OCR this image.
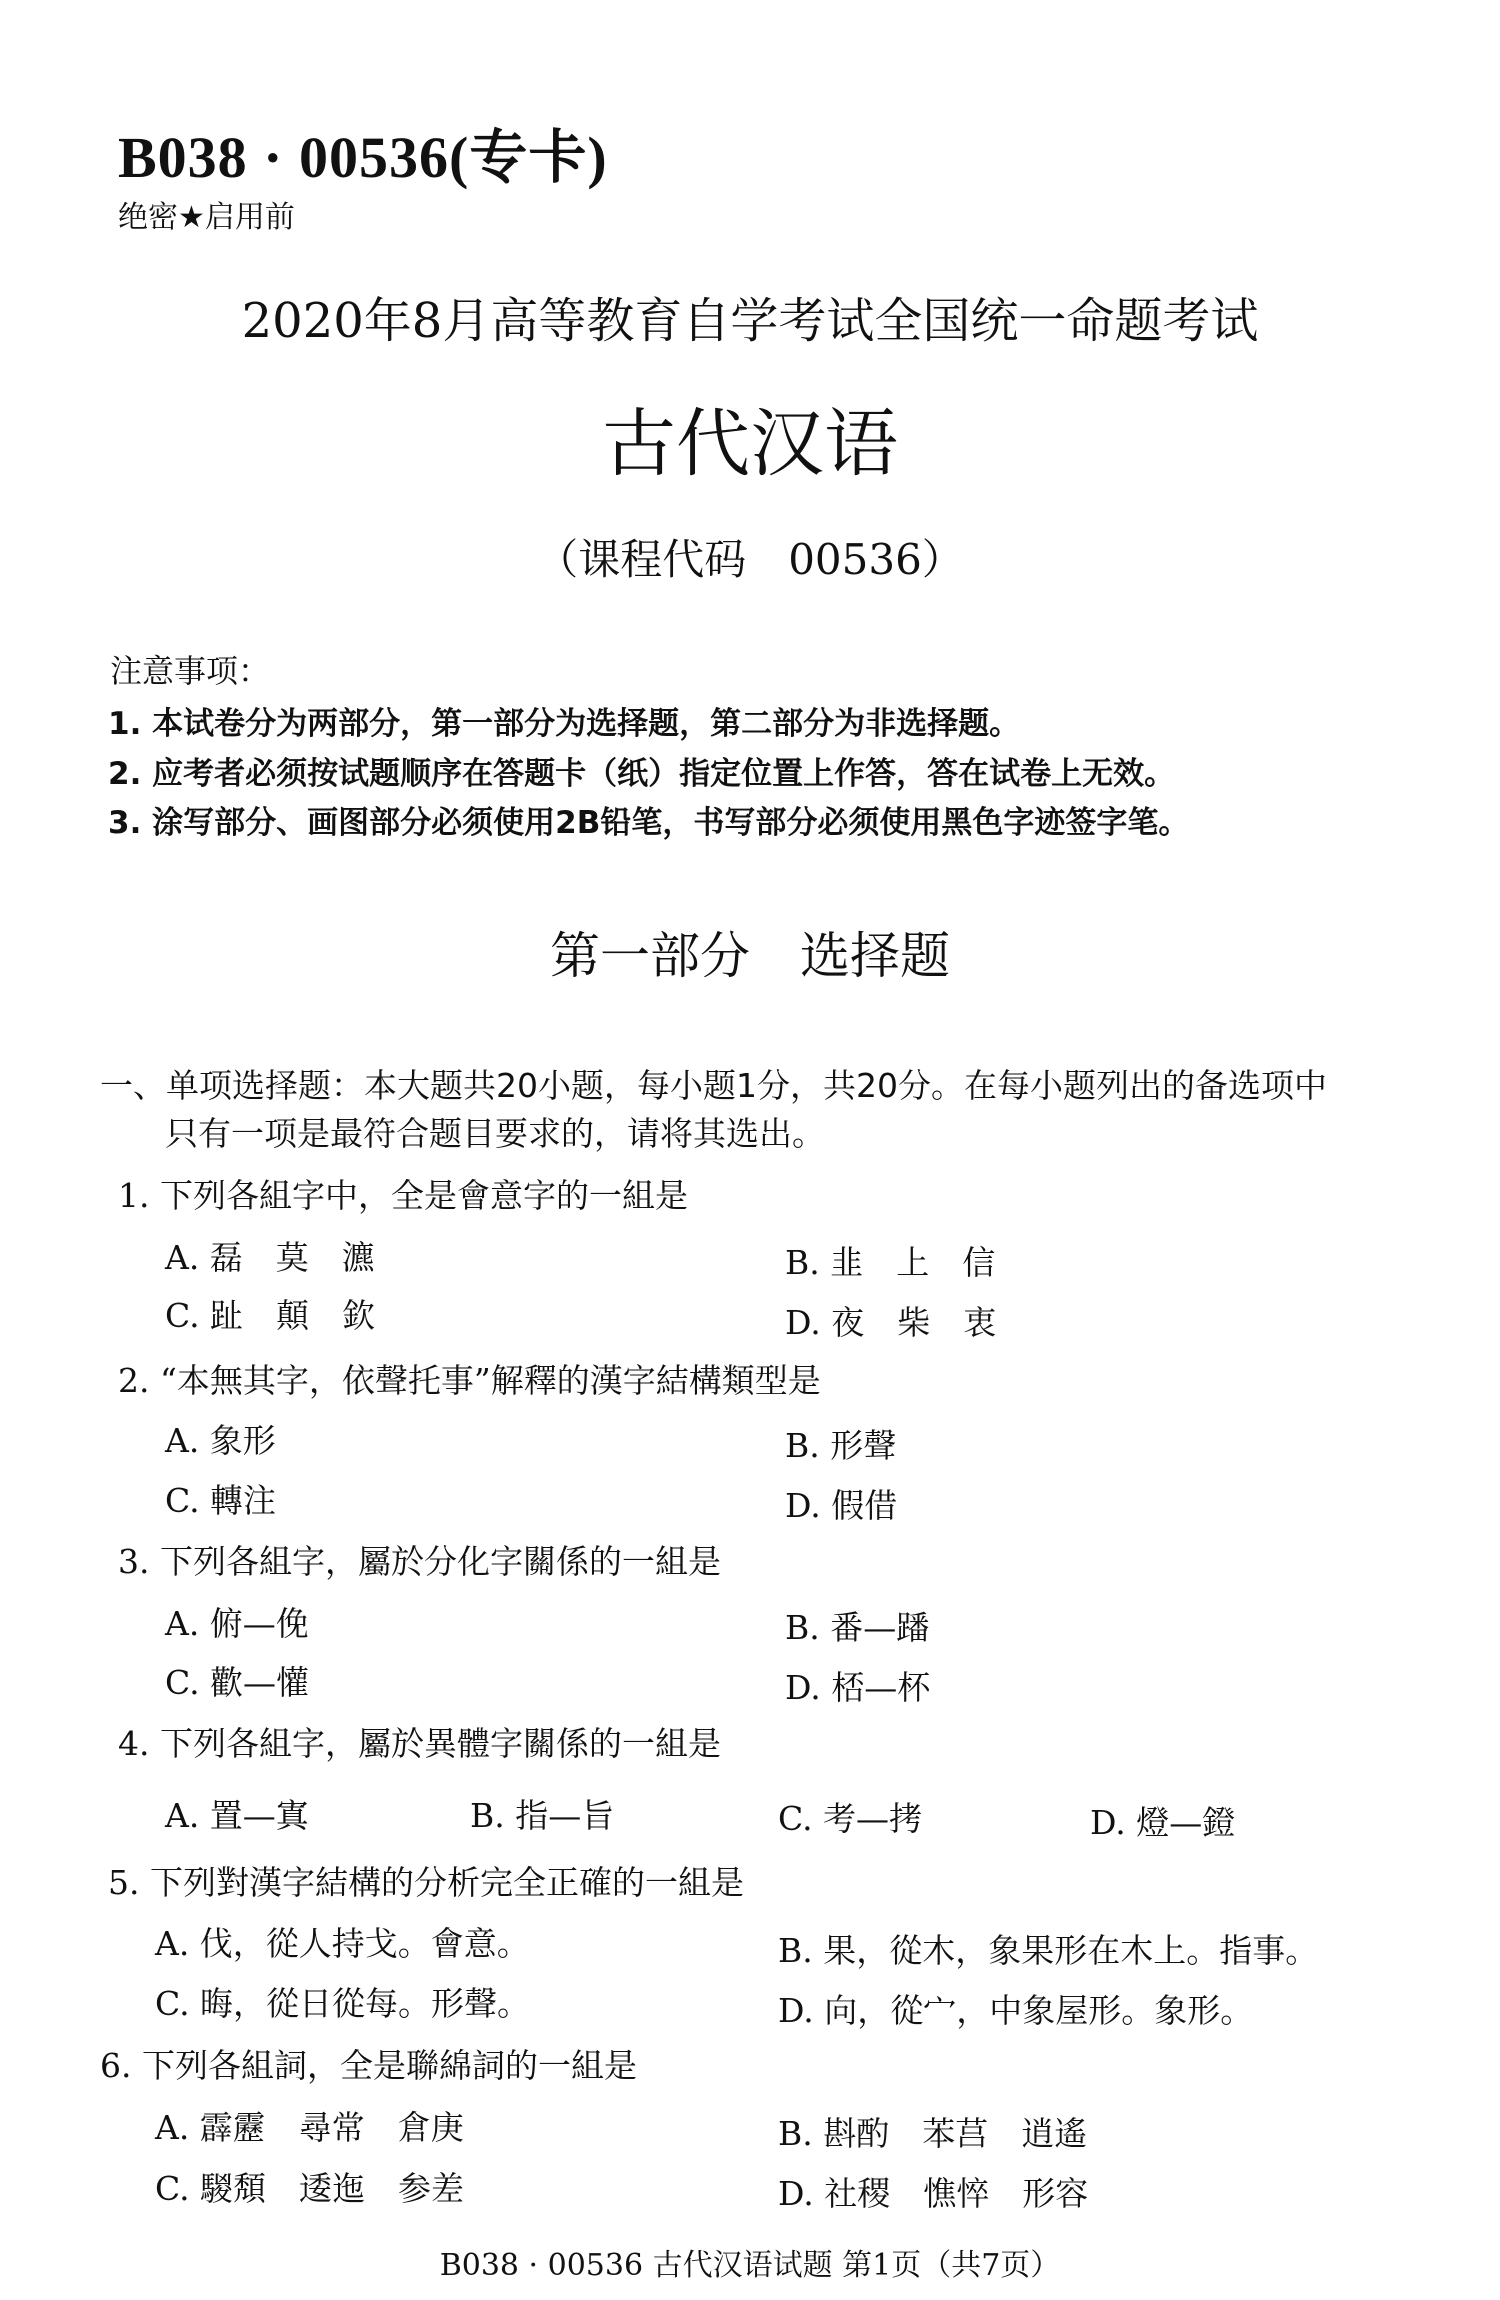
B038 · 00536(专卡)
绝密★启用前
2020年8月高等教育自学考试全国统一命题考试
古代汉语
（课程代码　00536）
注意事项：
1. 本试卷分为两部分，第一部分为选择题，第二部分为非选择题。
2. 应考者必须按试题顺序在答题卡（纸）指定位置上作答，答在试卷上无效。
3. 涂写部分、画图部分必须使用2B铅笔，书写部分必须使用黑色字迹签字笔。
第一部分　选择题
一、单项选择题：本大题共20小题，每小题1分，共20分。在每小题列出的备选项中
只有一项是最符合题目要求的，请将其选出。
1. 下列各組字中，全是會意字的一組是
A. 磊　莫　瀌	B. 韭　上　信
C. 趾　顛　欽	D. 夜　柴　衷
2. “本無其字，依聲托事”解釋的漢字結構類型是
A. 象形	B. 形聲
C. 轉注	D. 假借
3. 下列各組字，屬於分化字關係的一組是
A. 俯—俛	B. 番—蹯
C. 歡—懽	D. 桮—杯
4. 下列各組字，屬於異體字關係的一組是
A. 置—寘	B. 指—旨	C. 考—拷	D. 燈—鐙
5. 下列對漢字結構的分析完全正確的一組是
A. 伐，從人持戈。會意。	B. 果，從木，象果形在木上。指事。
C. 晦，從日從每。形聲。	D. 向，從宀，中象屋形。象形。
6. 下列各組詞，全是聯綿詞的一組是
A. 霹靂　尋常　倉庚	B. 斟酌　苯莒　逍遙
C. 騣頽　逶迤　参差	D. 社稷　憔悴　形容
B038 · 00536 古代汉语试题 第1页（共7页）
